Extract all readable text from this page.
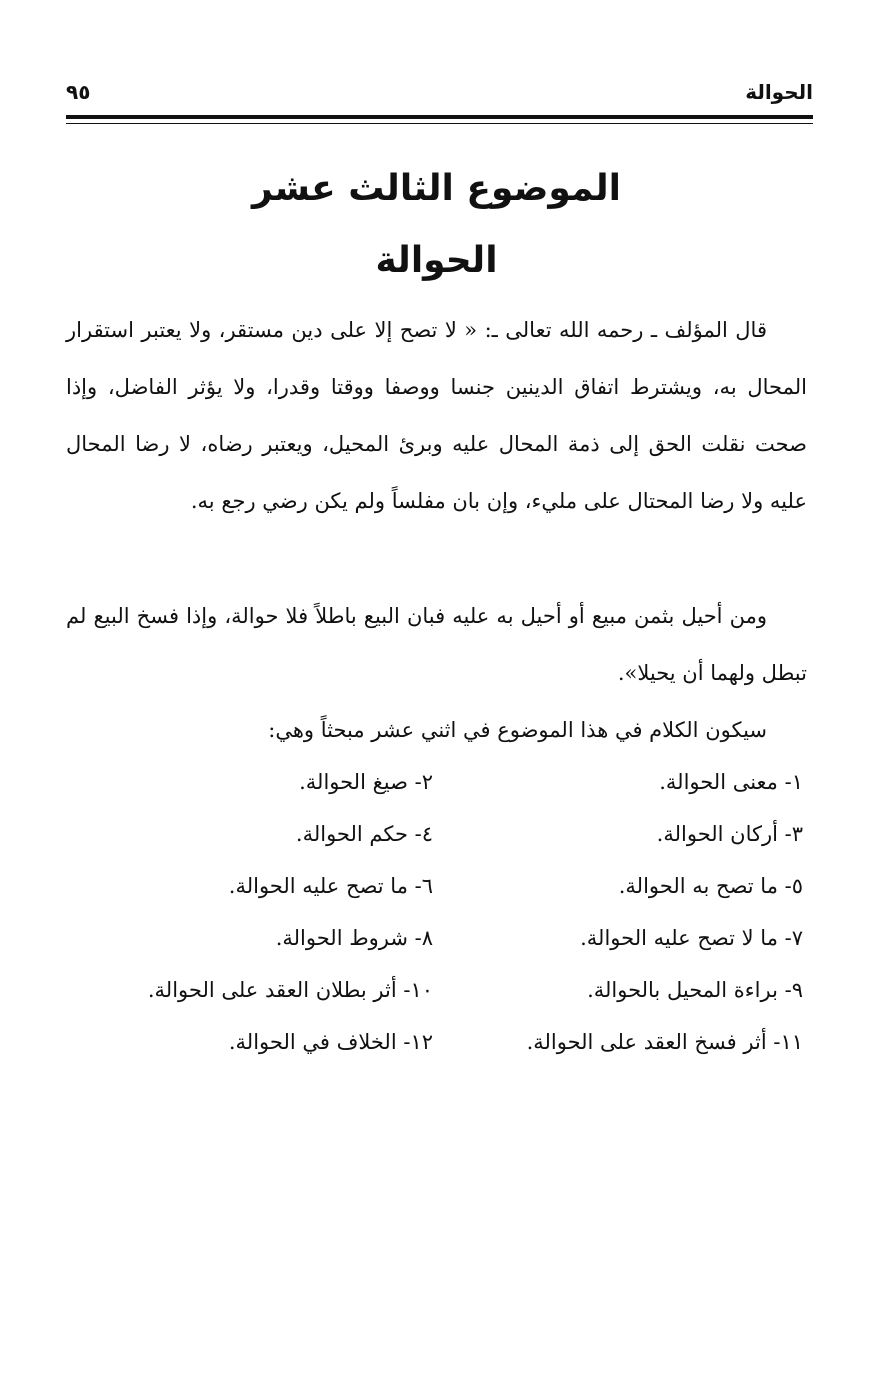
الحوالة
٩٥
الموضوع الثالث عشر
الحوالة
قال المؤلف ـ رحمه الله تعالى ـ: « لا تصح إلا على دين مستقر، ولا يعتبر استقرار المحال به، ويشترط اتفاق الدينين جنسا ووصفا ووقتا وقدرا، ولا يؤثر الفاضل، وإذا صحت نقلت الحق إلى ذمة المحال عليه وبرئ المحيل، ويعتبر رضاه، لا رضا المحال عليه ولا رضا المحتال على مليء، وإن بان مفلساً ولم يكن رضي رجع به.
ومن أحيل بثمن مبيع أو أحيل به عليه فبان البيع باطلاً فلا حوالة، وإذا فسخ البيع لم تبطل ولهما أن يحيلا».
سيكون الكلام في هذا الموضوع في اثني عشر مبحثاً وهي:
١- معنى الحوالة.
٢- صيغ الحوالة.
٣- أركان الحوالة.
٤- حكم الحوالة.
٥- ما تصح به الحوالة.
٦- ما تصح عليه الحوالة.
٧- ما لا تصح عليه الحوالة.
٨- شروط الحوالة.
٩- براءة المحيل بالحوالة.
١٠- أثر بطلان العقد على الحوالة.
١١- أثر فسخ العقد على الحوالة.
١٢- الخلاف في الحوالة.
